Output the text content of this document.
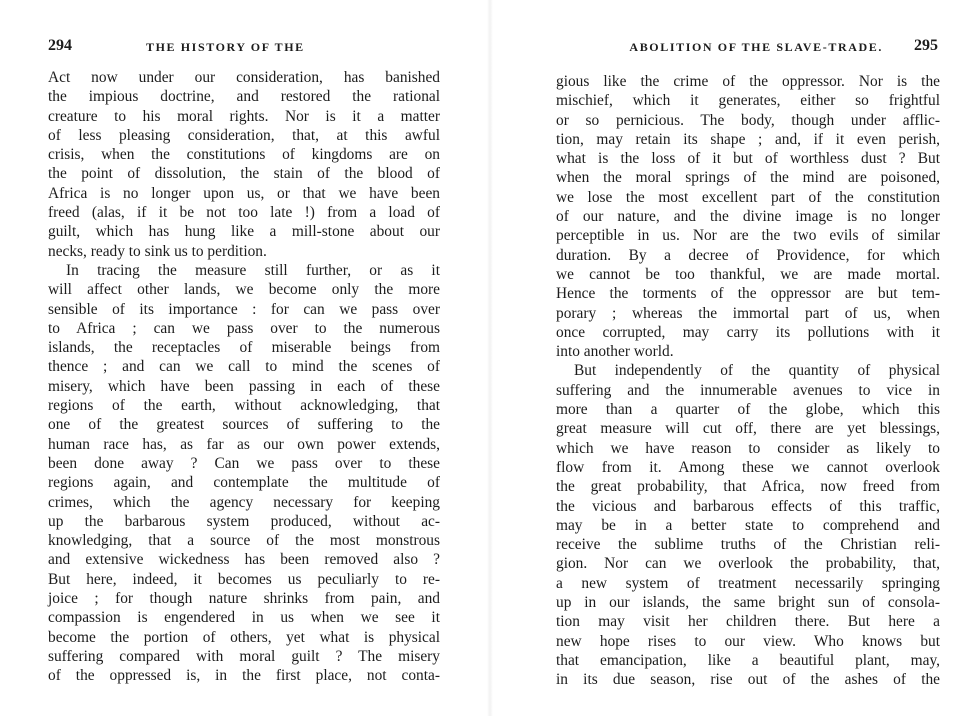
294	THE HISTORY OF THE
Act now under our consideration, has banished
the impious doctrine, and restored the rational
creature to his moral rights. Nor is it a matter
of less pleasing consideration, that, at this awful
crisis, when the constitutions of kingdoms are on
the point of dissolution, the stain of the blood of
Africa is no longer upon us, or that we have been
freed (alas, if it be not too late !) from a load of
guilt, which has hung like a mill-stone about our
necks, ready to sink us to perdition.
In tracing the measure still further, or as it
will affect other lands, we become only the more
sensible of its importance : for can we pass over
to Africa ; can we pass over to the numerous
islands, the receptacles of miserable beings from
thence ; and can we call to mind the scenes of
misery, which have been passing in each of these
regions of the earth, without acknowledging, that
one of the greatest sources of suffering to the
human race has, as far as our own power extends,
been done away ? Can we pass over to these
regions again, and contemplate the multitude of
crimes, which the agency necessary for keeping
up the barbarous system produced, without ac-
knowledging, that a source of the most monstrous
and extensive wickedness has been removed also ?
But here, indeed, it becomes us peculiarly to re-
joice ; for though nature shrinks from pain, and
compassion is engendered in us when we see it
become the portion of others, yet what is physical
suffering compared with moral guilt ? The misery
of the oppressed is, in the first place, not conta-
ABOLITION OF THE SLAVE-TRADE. 295
gious like the crime of the oppressor. Nor is the
mischief, which it generates, either so frightful
or so pernicious. The body, though under afflic-
tion, may retain its shape ; and, if it even perish,
what is the loss of it but of worthless dust ? But
when the moral springs of the mind are poisoned,
we lose the most excellent part of the constitution
of our nature, and the divine image is no longer
perceptible in us. Nor are the two evils of similar
duration. By a decree of Providence, for which
we cannot be too thankful, we are made mortal.
Hence the torments of the oppressor are but tem-
porary ; whereas the immortal part of us, when
once corrupted, may carry its pollutions with it
into another world.
But independently of the quantity of physical
suffering and the innumerable avenues to vice in
more than a quarter of the globe, which this
great measure will cut off, there are yet blessings,
which we have reason to consider as likely to
flow from it. Among these we cannot overlook
the great probability, that Africa, now freed from
the vicious and barbarous effects of this traffic,
may be in a better state to comprehend and
receive the sublime truths of the Christian reli-
gion. Nor can we overlook the probability, that,
a new system of treatment necessarily springing
up in our islands, the same bright sun of consola-
tion may visit her children there. But here a
new hope rises to our view. Who knows but
that emancipation, like a beautiful plant, may,
in its due season, rise out of the ashes of the
